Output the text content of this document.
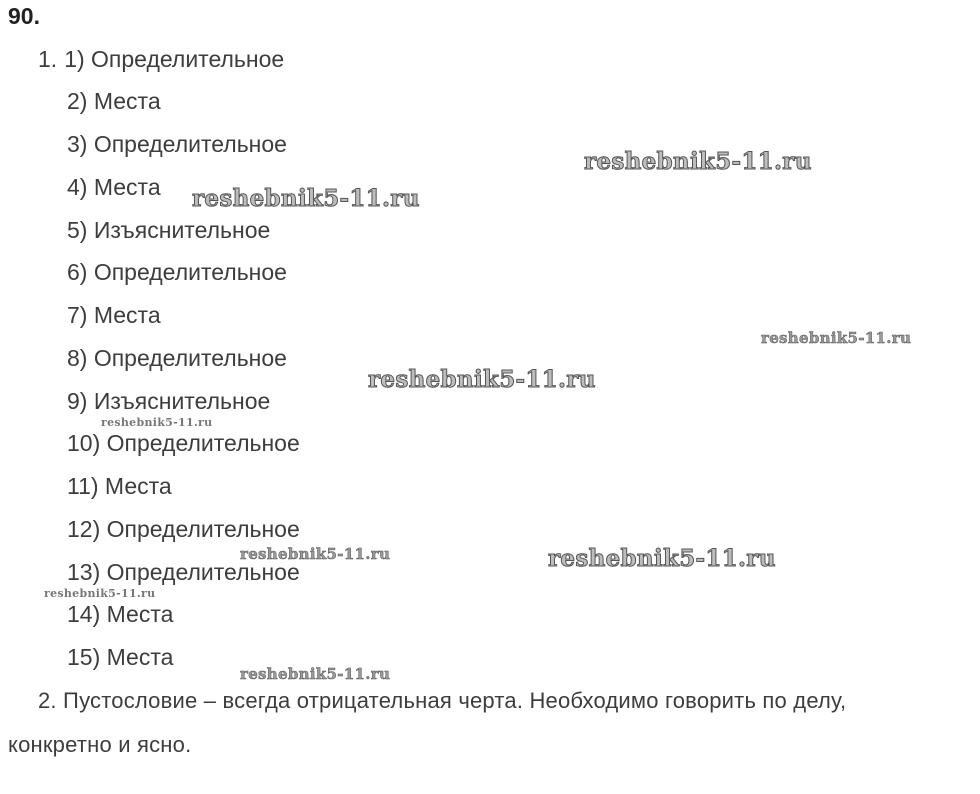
90.
1. 1) Определительное
2) Места
3) Определительное
4) Места
5) Изъяснительное
6) Определительное
7) Места
8) Определительное
9) Изъяснительное
10) Определительное
11) Места
12) Определительное
13) Определительное
14) Места
15) Места
2. Пустословие – всегда отрицательная черта. Необходимо говорить по делу,
конкретно и ясно.
reshebnik5-11.ru
reshebnik5-11.ru
reshebnik5-11.ru
reshebnik5-11.ru
reshebnik5-11.ru
reshebnik5-11.ru	reshebnik5-11.ru
reshebnik5-11.ru
reshebnik5-11.ru
